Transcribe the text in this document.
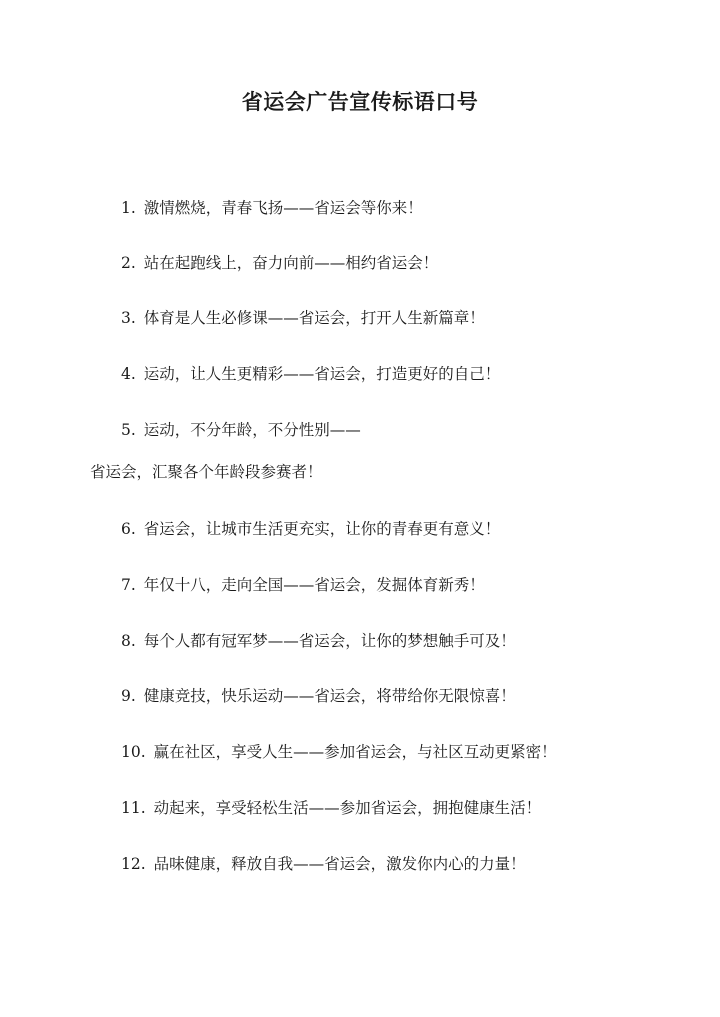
省运会广告宣传标语口号
1. 激情燃烧，青春飞扬——省运会等你来！
2. 站在起跑线上，奋力向前——相约省运会！
3. 体育是人生必修课——省运会，打开人生新篇章！
4. 运动，让人生更精彩——省运会，打造更好的自己！
5. 运动，不分年龄，不分性别——
省运会，汇聚各个年龄段参赛者！
6. 省运会，让城市生活更充实，让你的青春更有意义！
7. 年仅十八，走向全国——省运会，发掘体育新秀！
8. 每个人都有冠军梦——省运会，让你的梦想触手可及！
9. 健康竞技，快乐运动——省运会，将带给你无限惊喜！
10. 赢在社区，享受人生——参加省运会，与社区互动更紧密！
11. 动起来，享受轻松生活——参加省运会，拥抱健康生活！
12. 品味健康，释放自我——省运会，激发你内心的力量！
